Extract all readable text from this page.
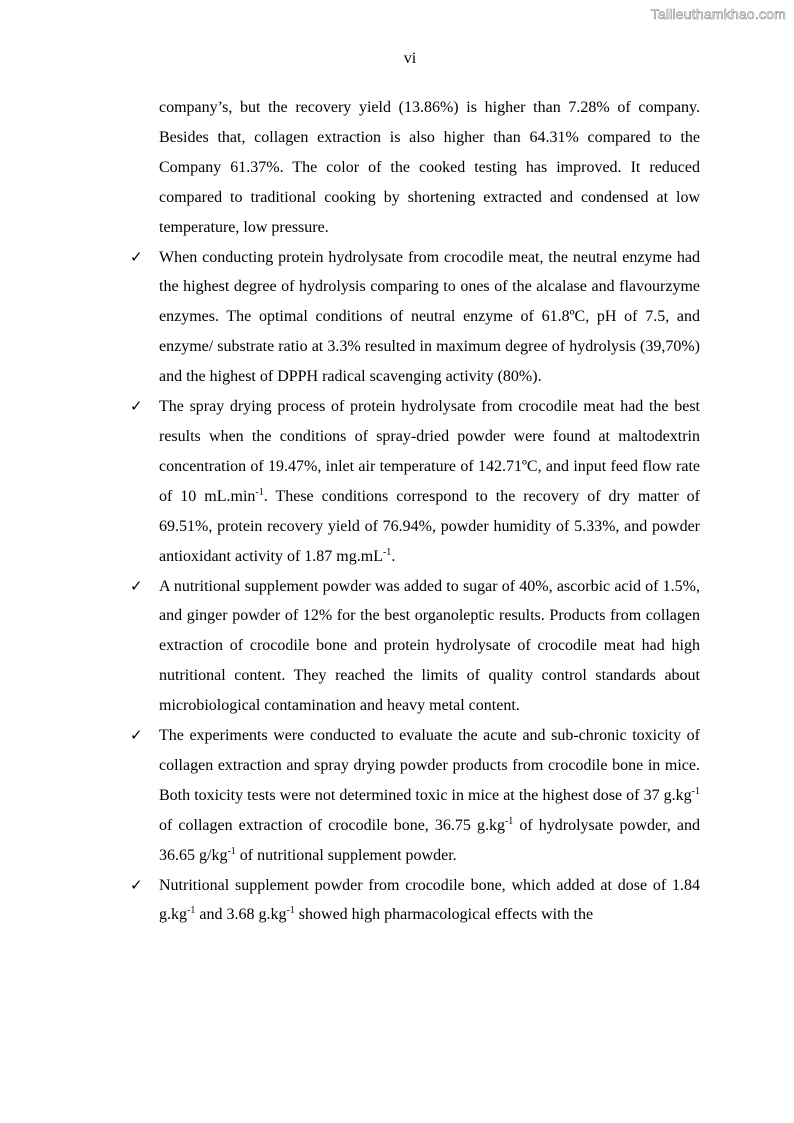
Tailieuthamkhao.com
vi

company’s, but the recovery yield (13.86%) is higher than 7.28% of company. Besides that, collagen extraction is also higher than 64.31% compared to the Company 61.37%. The color of the cooked testing has improved. It reduced compared to traditional cooking by shortening extracted and condensed at low temperature, low pressure.

✓ When conducting protein hydrolysate from crocodile meat, the neutral enzyme had the highest degree of hydrolysis comparing to ones of the alcalase and flavourzyme enzymes. The optimal conditions of neutral enzyme of 61.8ºC, pH of 7.5, and enzyme/ substrate ratio at 3.3% resulted in maximum degree of hydrolysis (39,70%) and the highest of DPPH radical scavenging activity (80%).

✓ The spray drying process of protein hydrolysate from crocodile meat had the best results when the conditions of spray-dried powder were found at maltodextrin concentration of 19.47%, inlet air temperature of 142.71ºC, and input feed flow rate of 10 $mL.\min^{-1}$. These conditions correspond to the recovery of dry matter of 69.51%, protein recovery yield of 76.94%, powder humidity of 5.33%, and powder antioxidant activity of 1.87 $mg.mL^{-1}$.

✓ A nutritional supplement powder was added to sugar of 40%, ascorbic acid of 1.5%, and ginger powder of 12% for the best organoleptic results. Products from collagen extraction of crocodile bone and protein hydrolysate of crocodile meat had high nutritional content. They reached the limits of quality control standards about microbiological contamination and heavy metal content.

✓ The experiments were conducted to evaluate the acute and sub-chronic toxicity of collagen extraction and spray drying powder products from crocodile bone in mice. Both toxicity tests were not determined toxic in mice at the highest dose of 37 $g.kg^{-1}$ of collagen extraction of crocodile bone, 36.75 $g.kg^{-1}$ of hydrolysate powder, and 36.65 $g/kg^{-1}$ of nutritional supplement powder.

✓ Nutritional supplement powder from crocodile bone, which added at dose of 1.84 $g.kg^{-1}$ and 3.68 $g.kg^{-1}$ showed high pharmacological effects with the
